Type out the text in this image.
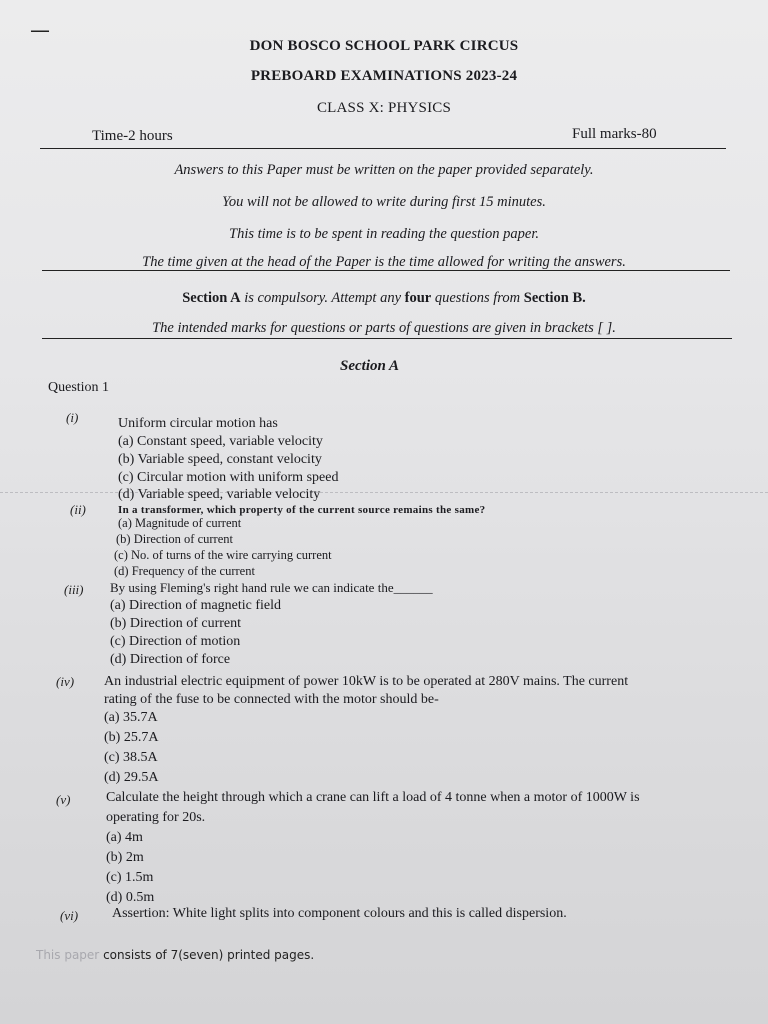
—
DON BOSCO SCHOOL PARK CIRCUS
PREBOARD EXAMINATIONS 2023-24
CLASS X: PHYSICS
Time-2 hours	Full marks-80
Answers to this Paper must be written on the paper provided separately.
You will not be allowed to write during first 15 minutes.
This time is to be spent in reading the question paper.
The time given at the head of the Paper is the time allowed for writing the answers.
Section A is compulsory. Attempt any four questions from Section B.
The intended marks for questions or parts of questions are given in brackets [ ].
Section A
Question 1
(i)	Uniform circular motion has
(a) Constant speed, variable velocity
(b) Variable speed, constant velocity
(c) Circular motion with uniform speed
(d) Variable speed, variable velocity
(ii)	In a transformer, which property of the current source remains the same?
(a) Magnitude of current
(b) Direction of current
(c) No. of turns of the wire carrying current
(d) Frequency of the current
(iii) By using Fleming's right hand rule we can indicate the______
(a) Direction of magnetic field
(b) Direction of current
(c) Direction of motion
(d) Direction of force
(iv) An industrial electric equipment of power 10kW is to be operated at 280V mains. The current
rating of the fuse to be connected with the motor should be-
(a) 35.7A
(b) 25.7A
(c) 38.5A
(d) 29.5A
(v)	Calculate the height through which a crane can lift a load of 4 tonne when a motor of 1000W is
operating for 20s.
(a) 4m
(b) 2m
(c) 1.5m
(d) 0.5m
(vi) Assertion: White light splits into component colours and this is called dispersion.
This paper consists of 7(seven) printed pages.
